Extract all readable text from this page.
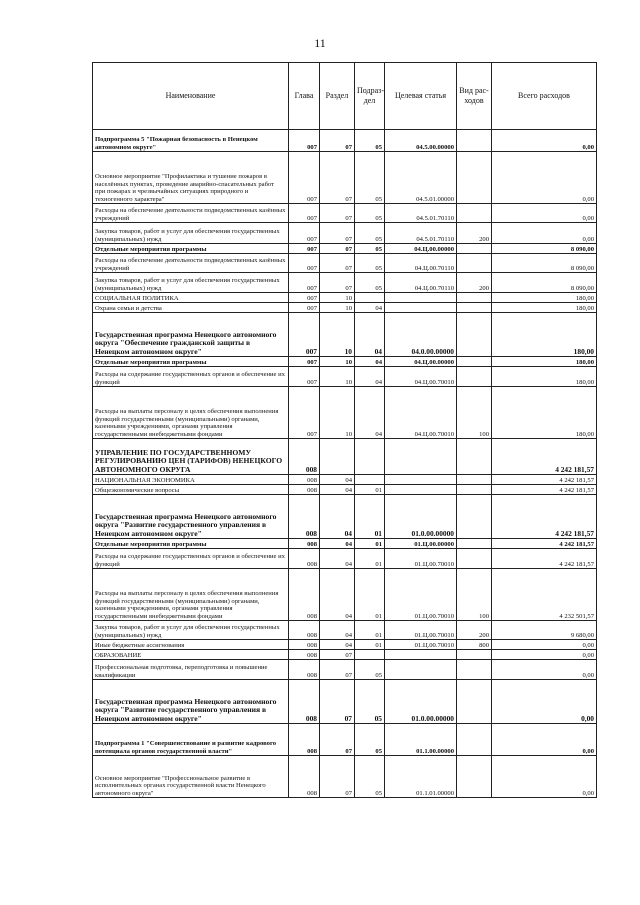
11
Наименование	Глава	Раздел	Подраз-дел	Целевая статья	Вид рас-ходов	Всего расходов
Подпрограмма 5 "Пожарная безопасность в Ненецком автономном округе"	007	07	05	04.5.00.00000		0,00
Основное мероприятие "Профилактика и тушение пожаров в населённых пунктах, проведение аварийно-спасательных работ при пожарах и чрезвычайных ситуациях природного и техногенного характера"	007	07	05	04.5.01.00000		0,00
Расходы на обеспечение деятельности подведомственных казённых учреждений	007	07	05	04.5.01.70110		0,00
Закупка товаров, работ и услуг для обеспечения государственных (муниципальных) нужд	007	07	05	04.5.01.70110	200	0,00
Отдельные мероприятия программы	007	07	05	04.Ц.00.00000		8 090,00
Расходы на обеспечение деятельности подведомственных казённых учреждений	007	07	05	04.Ц.00.70110		8 090,00
Закупка товаров, работ и услуг для обеспечения государственных (муниципальных) нужд	007	07	05	04.Ц.00.70110	200	8 090,00
СОЦИАЛЬНАЯ ПОЛИТИКА	007	10				180,00
Охрана семьи и детства	007	10	04			180,00
Государственная программа Ненецкого автономного округа "Обеспечение гражданской защиты в Ненецком автономном округе"	007	10	04	04.0.00.00000		180,00
Отдельные мероприятия программы	007	10	04	04.Ц.00.00000		180,00
Расходы на содержание государственных органов и обеспечение их функций	007	10	04	04.Ц.00.70010		180,00
Расходы на выплаты персоналу в целях обеспечения выполнения функций государственными (муниципальными) органами, казенными учреждениями, органами управления государственными внебюджетными фондами	007	10	04	04.Ц.00.70010	100	180,00
УПРАВЛЕНИЕ ПО ГОСУДАРСТВЕННОМУ РЕГУЛИРОВАНИЮ ЦЕН (ТАРИФОВ) НЕНЕЦКОГО АВТОНОМНОГО ОКРУГА	008					4 242 181,57
НАЦИОНАЛЬНАЯ ЭКОНОМИКА	008	04				4 242 181,57
Общеэкономические вопросы	008	04	01			4 242 181,57
Государственная программа Ненецкого автономного округа "Развитие государственного управления в Ненецком автономном округе"	008	04	01	01.0.00.00000		4 242 181,57
Отдельные мероприятия программы	008	04	01	01.Ц.00.00000		4 242 181,57
Расходы на содержание государственных органов и обеспечение их функций	008	04	01	01.Ц.00.70010		4 242 181,57
Расходы на выплаты персоналу в целях обеспечения выполнения функций государственными (муниципальными) органами, казенными учреждениями, органами управления государственными внебюджетными фондами	008	04	01	01.Ц.00.70010	100	4 232 501,57
Закупка товаров, работ и услуг для обеспечения государственных (муниципальных) нужд	008	04	01	01.Ц.00.70010	200	9 680,00
Иные бюджетные ассигнования	008	04	01	01.Ц.00.70010	800	0,00
ОБРАЗОВАНИЕ	008	07				0,00
Профессиональная подготовка, переподготовка и повышение квалификации	008	07	05			0,00
Государственная программа Ненецкого автономного округа "Развитие государственного управления в Ненецком автономном округе"	008	07	05	01.0.00.00000		0,00
Подпрограмма 1 "Совершенствование и развитие кадрового потенциала органов государственной власти"	008	07	05	01.1.00.00000		0,00
Основное мероприятие "Профессиональное развитие в исполнительных органах государственной власти Ненецкого автономного округа"	008	07	05	01.1.01.00000		0,00
